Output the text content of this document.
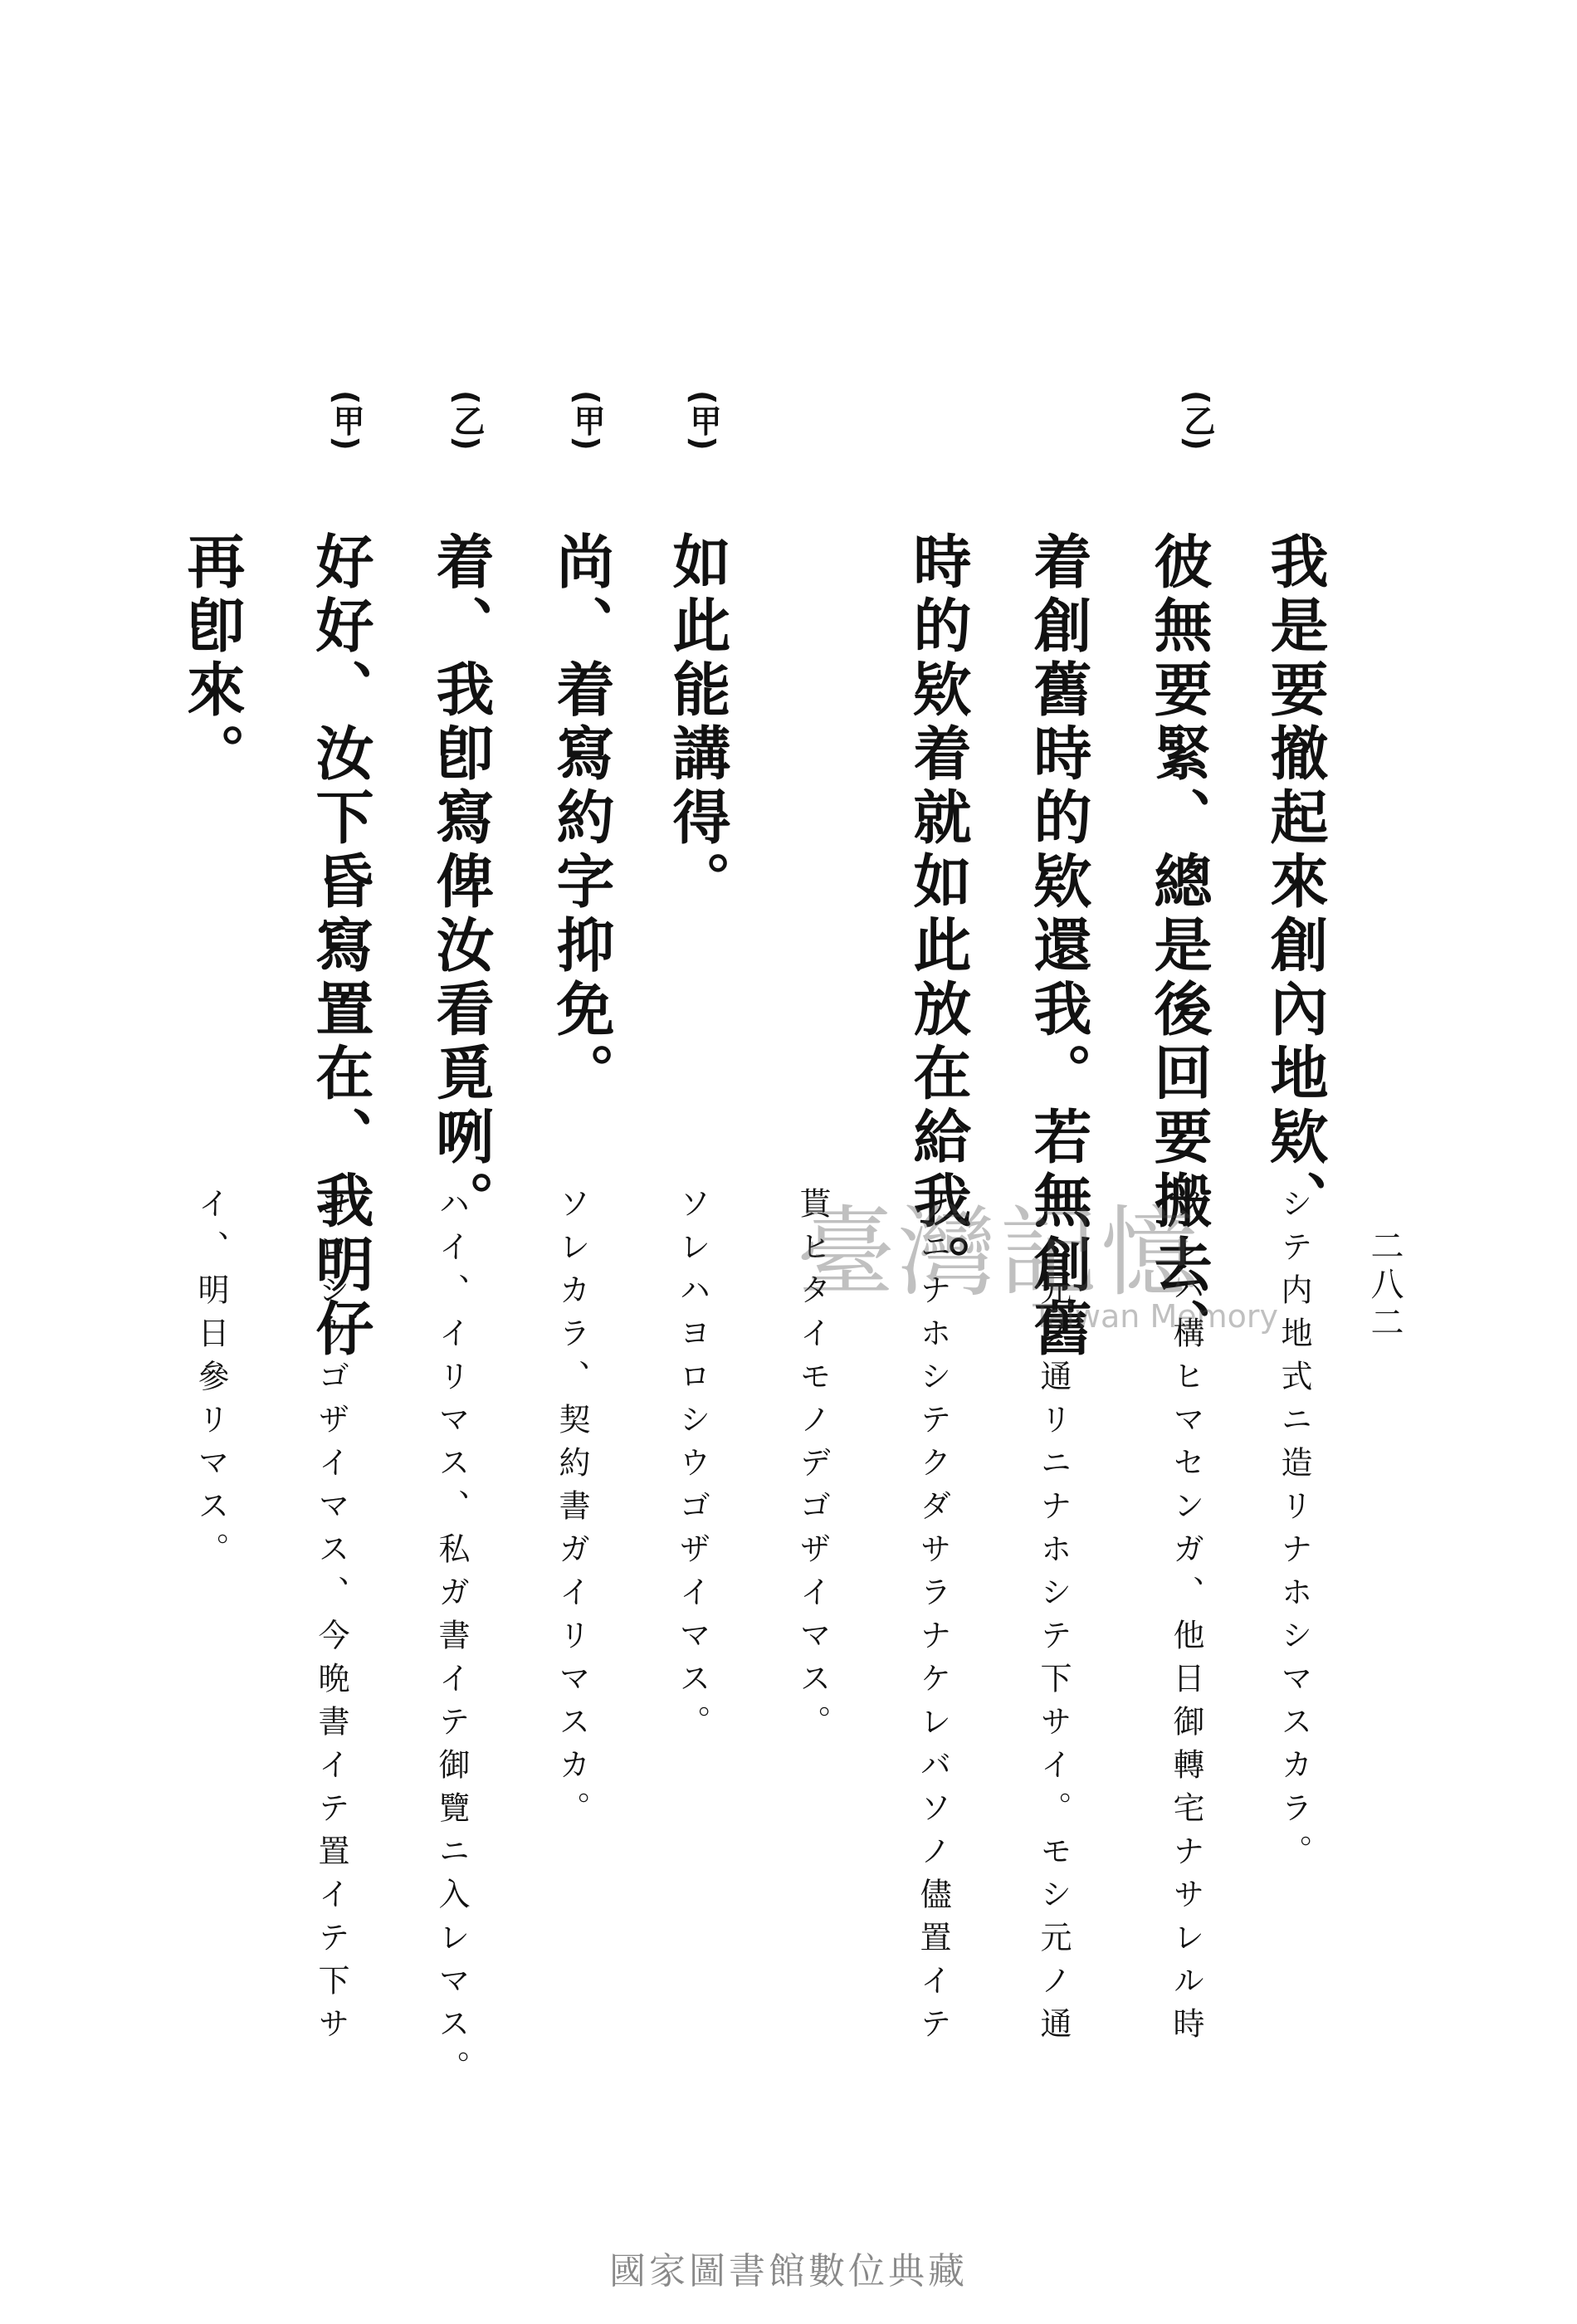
二八二
(乙)
我是要撤起來創內地欵、
彼無要緊、總是後回要搬去、
着創舊時的欵還我。若無創舊
時的欵着就如此放在給我。
シテ内地式ニ造リナホシマスカラ。
ソレハ構ヒマセンガ、他日御轉宅ナサレル時
ニハ元ノ通リニナホシテ下サイ。モシ元ノ通
リニナホシテクダサラナケレバソノ儘置イテ
貰ヒタイモノデゴザイマス。
(甲)
如此能講得。
ソレハヨロシウゴザイマス。
(甲)
尚、着寫約字抑免。
ソレカラ、契約書ガイリマスカ。
(乙)
着、我卽寫俾汝看覓咧。
ハイ、イリマス、私ガ書イテ御覽ニ入レマス。
(甲)
好好、汝下昏寫置在、我明仔
再卽來。
ヨロシウゴザイマス、今晩書イテ置イテ下サ
イ、明日參リマス。	臺灣記憶
Taiwan Memory
國家圖書館數位典藏
